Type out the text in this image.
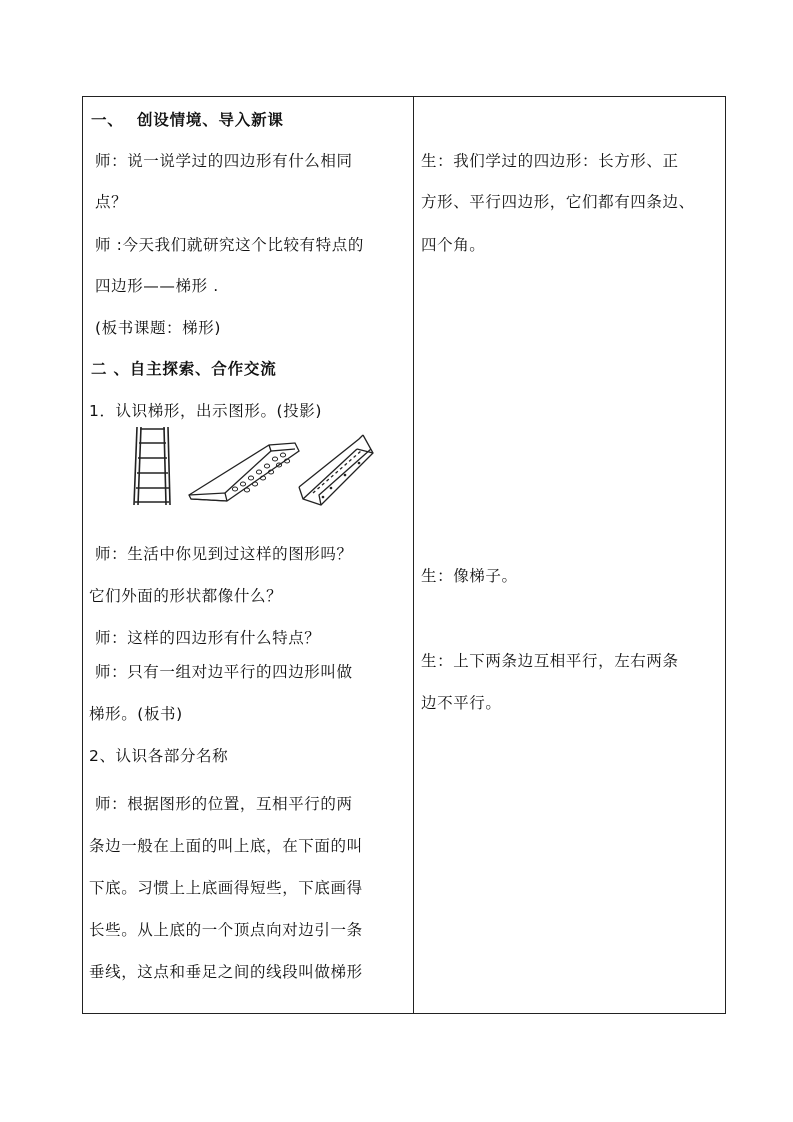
一、 创设情境、导入新课
师：说一说学过的四边形有什么相同
点？
师 :今天我们就研究这个比较有特点的
四边形——梯形 .
(板书课题：梯形)
二 、自主探索、合作交流
1．认识梯形，出示图形。(投影)
师：生活中你见到过这样的图形吗？
它们外面的形状都像什么？
师：这样的四边形有什么特点？
师：只有一组对边平行的四边形叫做
梯形。(板书)
2、认识各部分名称
师：根据图形的位置，互相平行的两
条边一般在上面的叫上底，在下面的叫
下底。习惯上上底画得短些，下底画得
长些。从上底的一个顶点向对边引一条
垂线，这点和垂足之间的线段叫做梯形
生：我们学过的四边形：长方形、正
方形、平行四边形，它们都有四条边、
四个角。
生：像梯子。
生：上下两条边互相平行，左右两条
边不平行。
